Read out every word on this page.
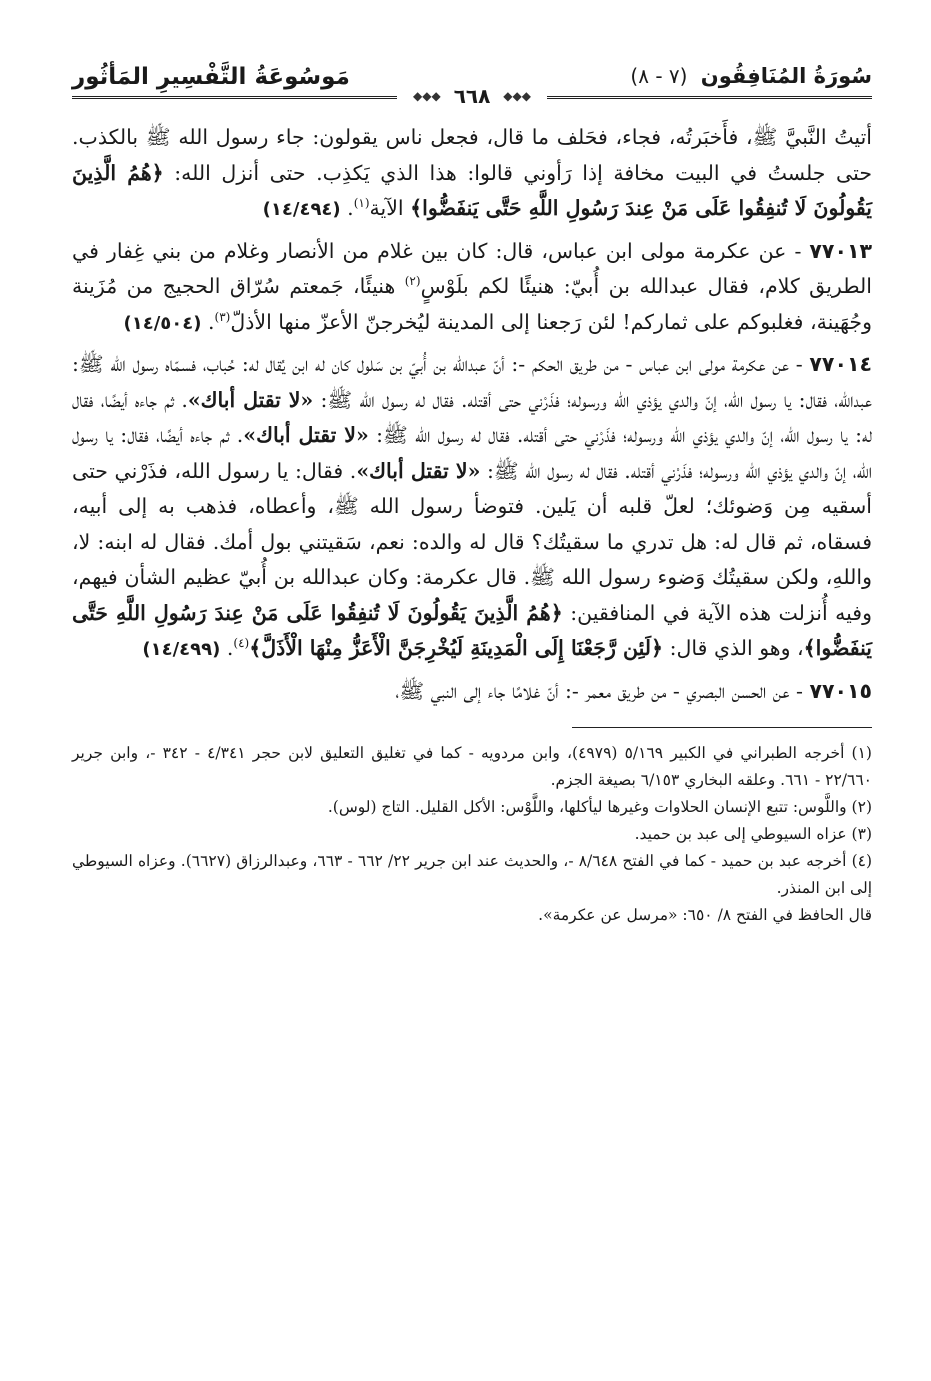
سُورَةُ المُنَافِقُون (٧ - ٨)
مَوسُوعَةُ التَّفْسِيرِ المَأثُور
◆◆◆ ٦٦٨ ◆◆◆

أتيتُ النَّبيَّ ﷺ، فأَخبَرتُه، فجاء، فحَلف ما قال، فجعل ناس يقولون: جاء رسول الله ﷺ بالكذب. حتى جلستُ في البيت مخافة إذا رَأوني قالوا: هذا الذي يَكذِب. حتى أنزل الله: ﴿هُمُ الَّذِينَ يَقُولُونَ لَا تُنفِقُوا عَلَى مَنْ عِندَ رَسُولِ اللَّهِ حَتَّى يَنفَضُّوا﴾ الآية$^{(١)}$. (١٤/٤٩٤)

٧٧٠١٣ - عن عكرمة مولى ابن عباس، قال: كان بين غلام من الأنصار وغلام من بني غِفار في الطريق كلام، فقال عبدالله بن أُبيّ: هنيئًا لكم بلَوْسٍ$^{(٢)}$ هنيئًا، جَمعتم سُرّاق الحجيج من مُزَينة وجُهَينة، فغلبوكم على ثماركم! لئن رَجعنا إلى المدينة ليُخرجنّ الأعزّ منها الأذلّ$^{(٣)}$. (١٤/٥٠٤)

٧٧٠١٤ - عن عكرمة مولى ابن عباس - من طريق الحكم -: أنّ عبدالله بن أُبيّ بن سَلول كان له ابن يُقال له: حُباب، فسمّاه رسول الله ﷺ: عبدالله، فقال: يا رسول الله، إنّ والدي يؤذي الله ورسوله؛ فذَرْني حتى أقتله. فقال له رسول الله ﷺ: «لا تقتل أباك». ثم جاءه أيضًا، فقال له: يا رسول الله، إنّ والدي يؤذي الله ورسوله؛ فذَرْني حتى أقتله. فقال له رسول الله ﷺ: «لا تقتل أباك». ثم جاءه أيضًا، فقال: يا رسول الله، إنّ والدي يؤذي الله ورسوله؛ فذَرْني أقتله. فقال له رسول الله ﷺ: «لا تقتل أباك». فقال: يا رسول الله، فذَرْني حتى أسقيه مِن وَضوئك؛ لعلّ قلبه أن يَلين. فتوضأ رسول الله ﷺ، وأعطاه، فذهب به إلى أبيه، فسقاه، ثم قال له: هل تدري ما سقيتُك؟ قال له والده: نعم، سَقيتني بول أمك. فقال له ابنه: لا، واللهِ، ولكن سقيتُك وَضوء رسول الله ﷺ. قال عكرمة: وكان عبدالله بن أُبيّ عظيم الشأن فيهم، وفيه أُنزلت هذه الآية في المنافقين: ﴿هُمُ الَّذِينَ يَقُولُونَ لَا تُنفِقُوا عَلَى مَنْ عِندَ رَسُولِ اللَّهِ حَتَّى يَنفَضُّوا﴾، وهو الذي قال: ﴿لَئِن رَّجَعْنَا إِلَى الْمَدِينَةِ لَيُخْرِجَنَّ الْأَعَزُّ مِنْهَا الْأَذَلَّ﴾$^{(٤)}$. (١٤/٤٩٩)

٧٧٠١٥ - عن الحسن البصري - من طريق معمر -: أنّ غلامًا جاء إلى النبي ﷺ،

(١) أخرجه الطبراني في الكبير ٥/١٦٩ (٤٩٧٩)، وابن مردويه - كما في تغليق التعليق لابن حجر ٤/٣٤١ - ٣٤٢ -، وابن جرير ٢٢/٦٦٠ - ٦٦١. وعلقه البخاري ٦/١٥٣ بصيغة الجزم.

(٢) واللَّوس: تتبع الإنسان الحلاوات وغيرها ليأكلها، واللَّوْس: الأكل القليل. التاج (لوس).

(٣) عزاه السيوطي إلى عبد بن حميد.

(٤) أخرجه عبد بن حميد - كما في الفتح ٨/٦٤٨ -، والحديث عند ابن جرير ٢٢/ ٦٦٢ - ٦٦٣، وعبدالرزاق (٦٦٢٧). وعزاه السيوطي إلى ابن المنذر.

قال الحافظ في الفتح ٨/ ٦٥٠: «مرسل عن عكرمة».
